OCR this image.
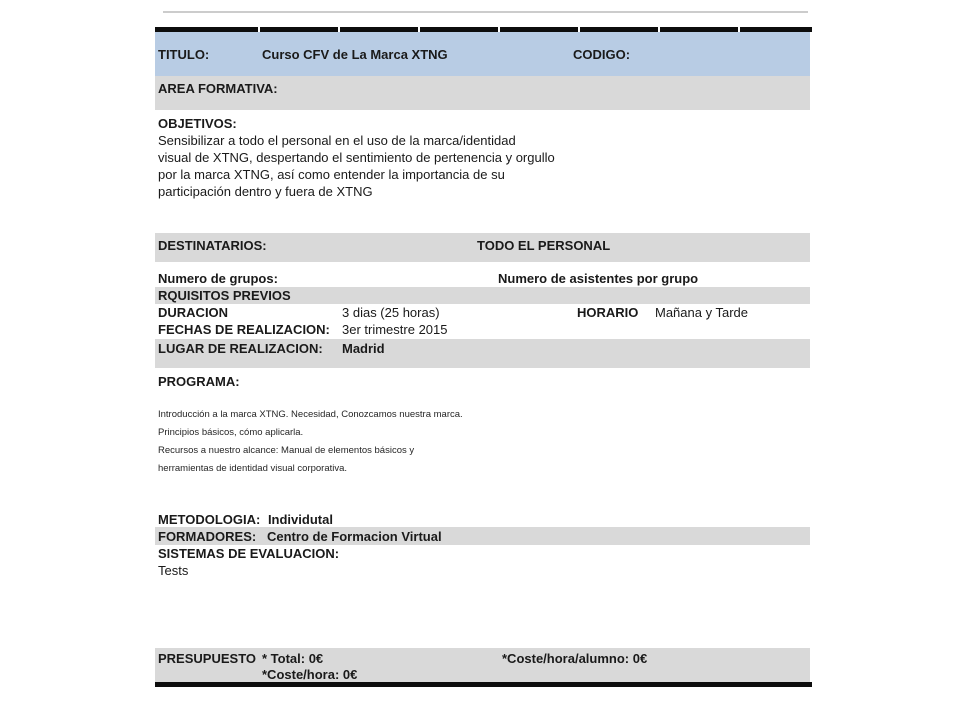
TITULO:	Curso CFV de La Marca XTNG	CODIGO:
AREA FORMATIVA:
OBJETIVOS:
Sensibilizar a todo el personal en el uso de la marca/identidad
visual de XTNG, despertando el sentimiento de pertenencia y orgullo
por la marca XTNG, así como entender la importancia de su
participación dentro y fuera de XTNG
DESTINATARIOS:	TODO EL PERSONAL
Numero de grupos:	Numero de asistentes por grupo
RQUISITOS PREVIOS
DURACION	3 dias (25 horas)	HORARIO Mañana y Tarde
FECHAS DE REALIZACION: 3er trimestre 2015
LUGAR DE REALIZACION: Madrid
PROGRAMA:
Introducción a la marca XTNG. Necesidad, Conozcamos nuestra marca.
Principios básicos, cómo aplicarla.
Recursos a nuestro alcance: Manual de elementos básicos y
herramientas de identidad visual corporativa.
METODOLOGIA: Individutal
FORMADORES: Centro de Formacion Virtual
SISTEMAS DE EVALUACION:
Tests
PRESUPUESTO * Total: 0€	*Coste/hora/alumno: 0€
*Coste/hora: 0€
